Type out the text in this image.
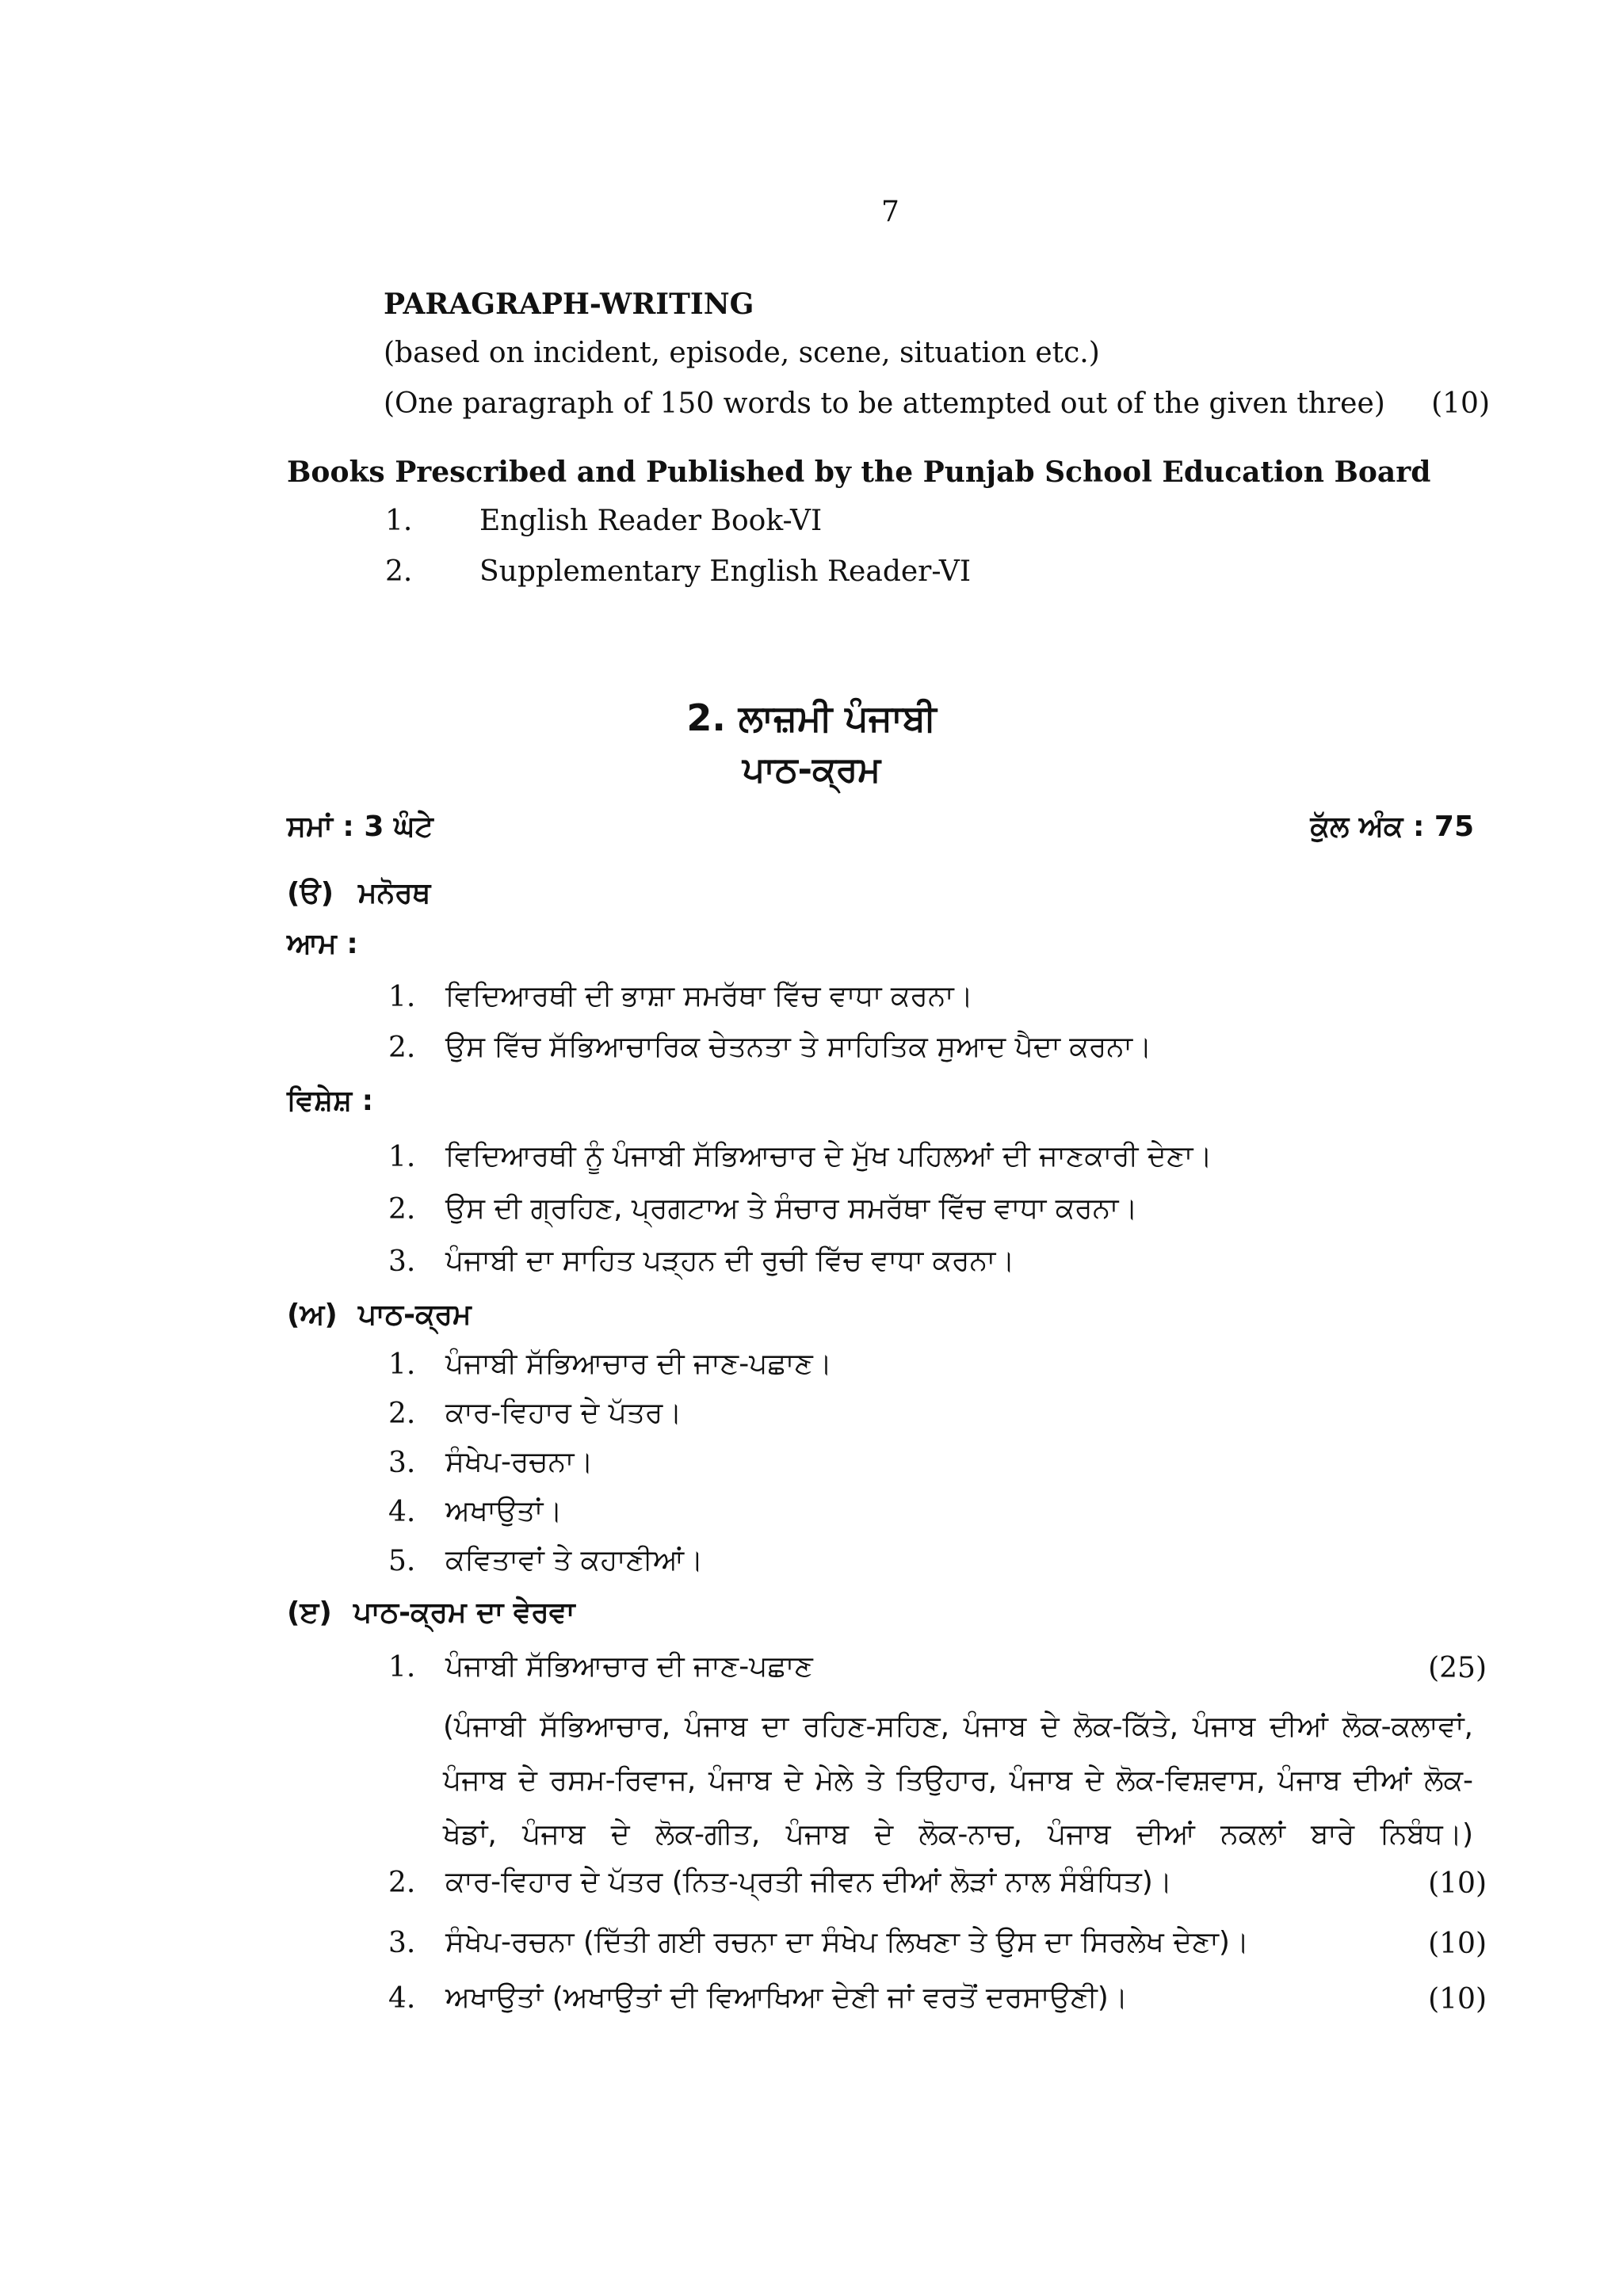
7
PARAGRAPH-WRITING
(based on incident, episode, scene, situation etc.)
(One paragraph of 150 words to be attempted out of the given three)	(10)
Books Prescribed and Published by the Punjab School Education Board
1. English Reader Book-VI
2. Supplementary English Reader-VI
2. ਲਾਜ਼ਮੀ ਪੰਜਾਬੀ
ਪਾਠ-ਕ੍ਰਮ
ਸਮਾਂ : 3 ਘੰਟੇ	ਕੁੱਲ ਅੰਕ : 75
(ੳ) ਮਨੋਰਥ
ਆਮ :
1. ਵਿਦਿਆਰਥੀ ਦੀ ਭਾਸ਼ਾ ਸਮਰੱਥਾ ਵਿੱਚ ਵਾਧਾ ਕਰਨਾ।
2. ਉਸ ਵਿੱਚ ਸੱਭਿਆਚਾਰਿਕ ਚੇਤਨਤਾ ਤੇ ਸਾਹਿਤਿਕ ਸੁਆਦ ਪੈਦਾ ਕਰਨਾ।
ਵਿਸ਼ੇਸ਼ :
1. ਵਿਦਿਆਰਥੀ ਨੂੰ ਪੰਜਾਬੀ ਸੱਭਿਆਚਾਰ ਦੇ ਮੁੱਖ ਪਹਿਲਆਂ ਦੀ ਜਾਣਕਾਰੀ ਦੇਣਾ।
2. ਉਸ ਦੀ ਗ੍ਰਹਿਣ, ਪ੍ਰਗਟਾਅ ਤੇ ਸੰਚਾਰ ਸਮਰੱਥਾ ਵਿੱਚ ਵਾਧਾ ਕਰਨਾ।
3. ਪੰਜਾਬੀ ਦਾ ਸਾਹਿਤ ਪੜ੍ਹਨ ਦੀ ਰੁਚੀ ਵਿੱਚ ਵਾਧਾ ਕਰਨਾ।
(ਅ) ਪਾਠ-ਕ੍ਰਮ
1. ਪੰਜਾਬੀ ਸੱਭਿਆਚਾਰ ਦੀ ਜਾਣ-ਪਛਾਣ।
2. ਕਾਰ-ਵਿਹਾਰ ਦੇ ਪੱਤਰ।
3. ਸੰਖੇਪ-ਰਚਨਾ।
4. ਅਖਾਉਤਾਂ।
5. ਕਵਿਤਾਵਾਂ ਤੇ ਕਹਾਣੀਆਂ।
(ੲ) ਪਾਠ-ਕ੍ਰਮ ਦਾ ਵੇਰਵਾ
1. ਪੰਜਾਬੀ ਸੱਭਿਆਚਾਰ ਦੀ ਜਾਣ-ਪਛਾਣ	(25)
(ਪੰਜਾਬੀ ਸੱਭਿਆਚਾਰ, ਪੰਜਾਬ ਦਾ ਰਹਿਣ-ਸਹਿਣ, ਪੰਜਾਬ ਦੇ ਲੋਕ-ਕਿੱਤੇ, ਪੰਜਾਬ ਦੀਆਂ ਲੋਕ-ਕਲਾਵਾਂ, ਪੰਜਾਬ ਦੇ ਰਸਮ-ਰਿਵਾਜ, ਪੰਜਾਬ ਦੇ ਮੇਲੇ ਤੇ ਤਿਉਹਾਰ, ਪੰਜਾਬ ਦੇ ਲੋਕ-ਵਿਸ਼ਵਾਸ, ਪੰਜਾਬ ਦੀਆਂ ਲੋਕ-ਖੇਡਾਂ, ਪੰਜਾਬ ਦੇ ਲੋਕ-ਗੀਤ, ਪੰਜਾਬ ਦੇ ਲੋਕ-ਨਾਚ, ਪੰਜਾਬ ਦੀਆਂ ਨਕਲਾਂ ਬਾਰੇ ਨਿਬੰਧ।)
2. ਕਾਰ-ਵਿਹਾਰ ਦੇ ਪੱਤਰ (ਨਿਤ-ਪ੍ਰਤੀ ਜੀਵਨ ਦੀਆਂ ਲੋੜਾਂ ਨਾਲ ਸੰਬੰਧਿਤ)।	(10)
3. ਸੰਖੇਪ-ਰਚਨਾ (ਦਿੱਤੀ ਗਈ ਰਚਨਾ ਦਾ ਸੰਖੇਪ ਲਿਖਣਾ ਤੇ ਉਸ ਦਾ ਸਿਰਲੇਖ ਦੇਣਾ)।	(10)
4. ਅਖਾਉਤਾਂ (ਅਖਾਉਤਾਂ ਦੀ ਵਿਆਖਿਆ ਦੇਣੀ ਜਾਂ ਵਰਤੋਂ ਦਰਸਾਉਣੀ)।	(10)
